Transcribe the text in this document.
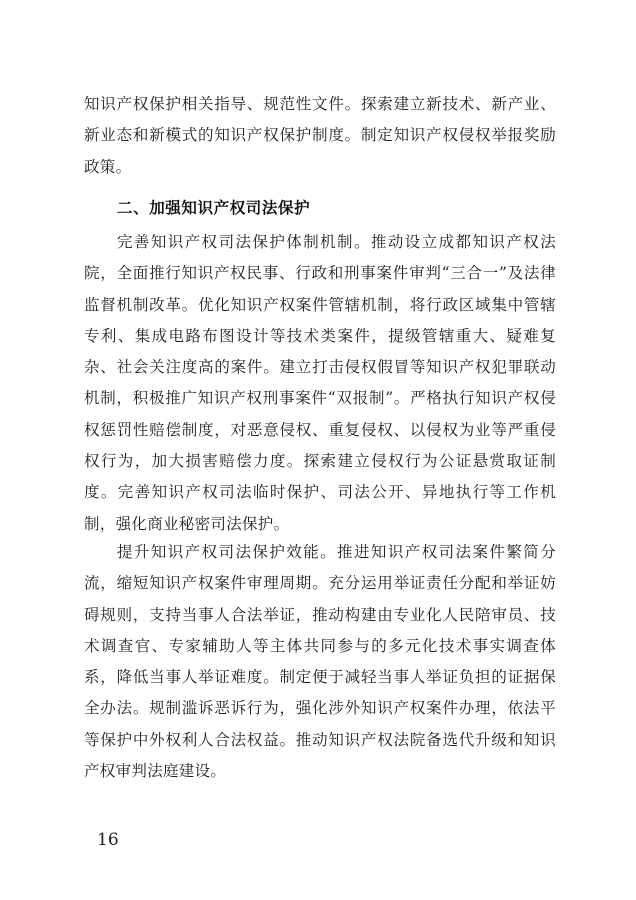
知识产权保护相关指导、规范性文件。探索建立新技术、新产业、新业态和新模式的知识产权保护制度。制定知识产权侵权举报奖励政策。

二、加强知识产权司法保护

完善知识产权司法保护体制机制。推动设立成都知识产权法院，全面推行知识产权民事、行政和刑事案件审判“三合一”及法律监督机制改革。优化知识产权案件管辖机制，将行政区域集中管辖专利、集成电路布图设计等技术类案件，提级管辖重大、疑难复杂、社会关注度高的案件。建立打击侵权假冒等知识产权犯罪联动机制，积极推广知识产权刑事案件“双报制”。严格执行知识产权侵权惩罚性赔偿制度，对恶意侵权、重复侵权、以侵权为业等严重侵权行为，加大损害赔偿力度。探索建立侵权行为公证悬赏取证制度。完善知识产权司法临时保护、司法公开、异地执行等工作机制，强化商业秘密司法保护。

提升知识产权司法保护效能。推进知识产权司法案件繁简分流，缩短知识产权案件审理周期。充分运用举证责任分配和举证妨碍规则，支持当事人合法举证，推动构建由专业化人民陪审员、技术调查官、专家辅助人等主体共同参与的多元化技术事实调查体系，降低当事人举证难度。制定便于减轻当事人举证负担的证据保全办法。规制滥诉恶诉行为，强化涉外知识产权案件办理，依法平等保护中外权利人合法权益。推动知识产权法院备选代升级和知识产权审判法庭建设。

16
